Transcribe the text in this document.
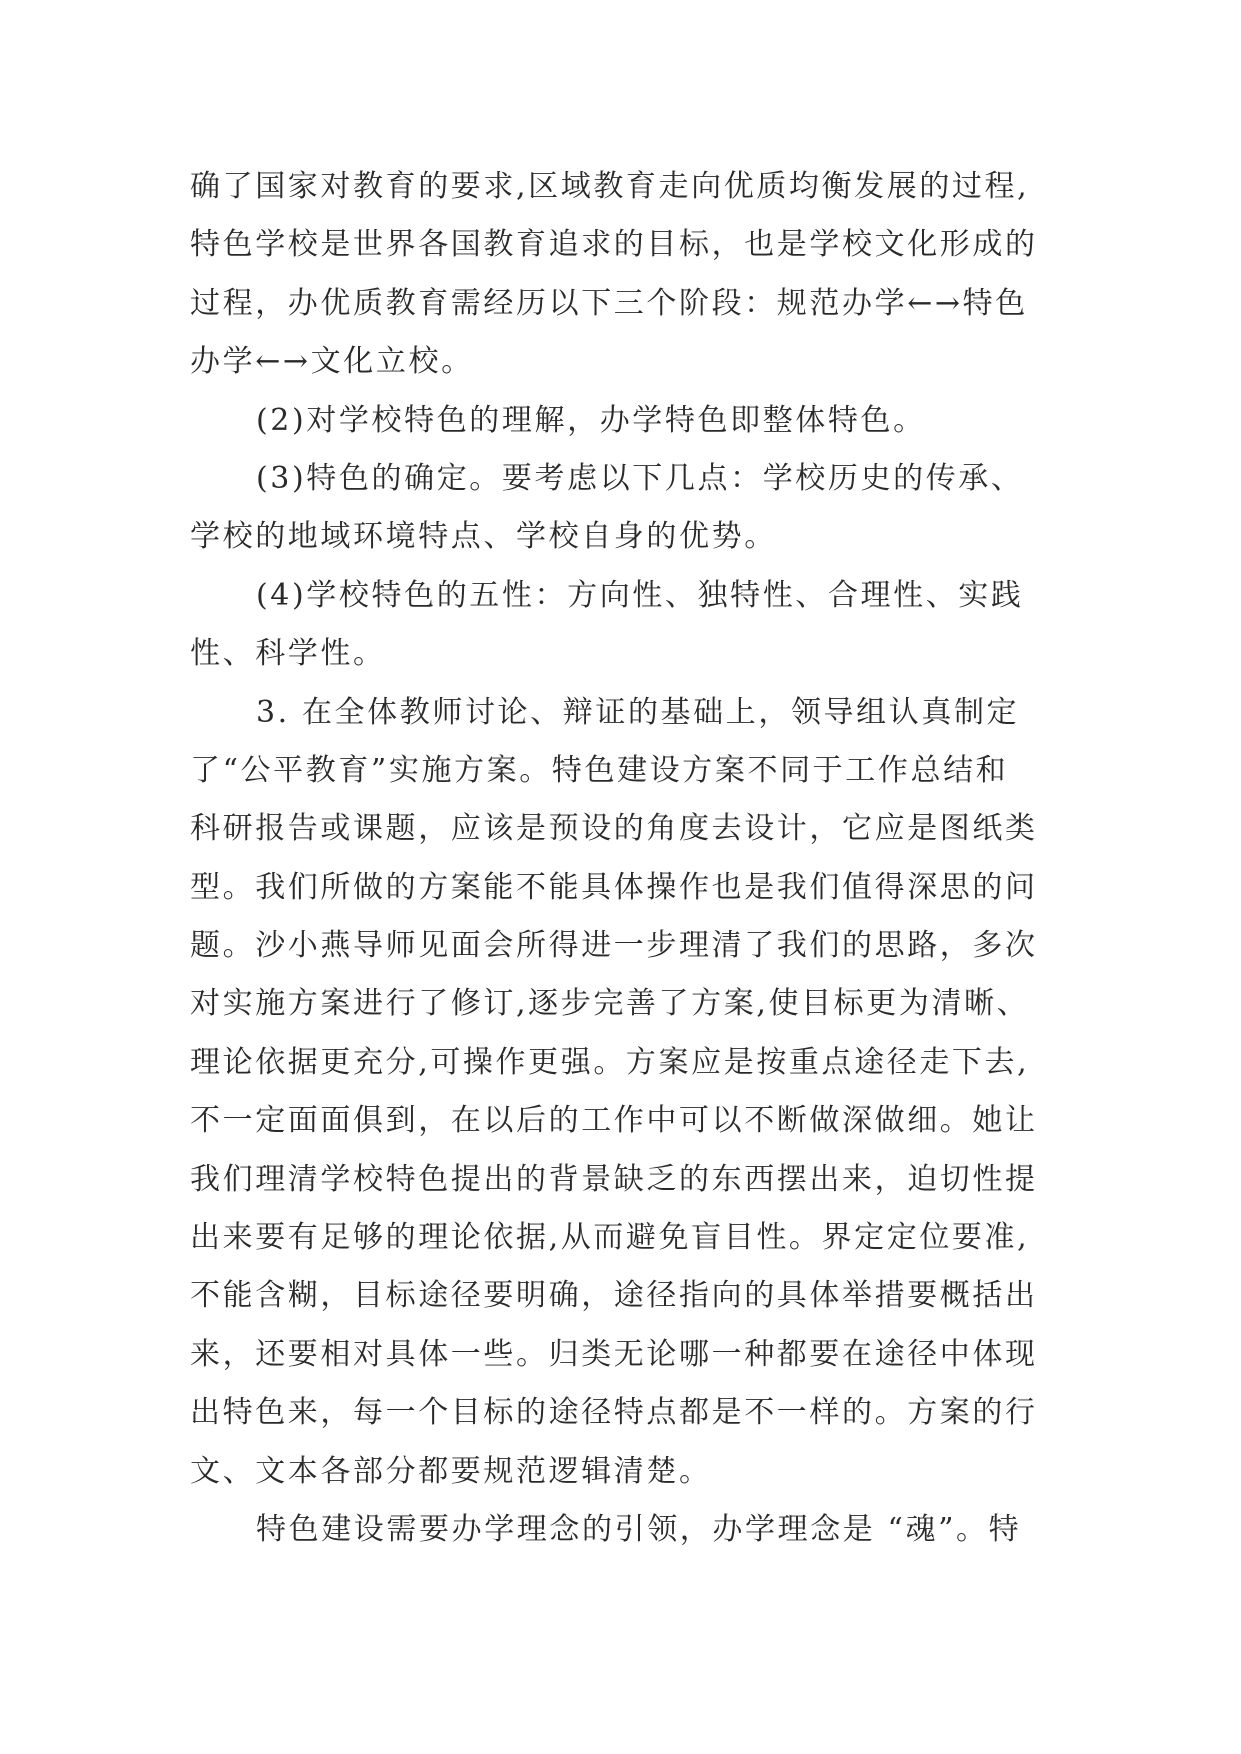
确了国家对教育的要求,区域教育走向优质均衡发展的过程,
特色学校是世界各国教育追求的目标，也是学校文化形成的
过程，办优质教育需经历以下三个阶段：规范办学←→特色
办学←→文化立校。
(2)对学校特色的理解，办学特色即整体特色。
(3)特色的确定。要考虑以下几点：学校历史的传承、
学校的地域环境特点、学校自身的优势。
(4)学校特色的五性：方向性、独特性、合理性、实践
性、科学性。
3. 在全体教师讨论、辩证的基础上，领导组认真制定
了“公平教育”实施方案。特色建设方案不同于工作总结和
科研报告或课题，应该是预设的角度去设计，它应是图纸类
型。我们所做的方案能不能具体操作也是我们值得深思的问
题。沙小燕导师见面会所得进一步理清了我们的思路，多次
对实施方案进行了修订,逐步完善了方案,使目标更为清晰、
理论依据更充分,可操作更强。方案应是按重点途径走下去,
不一定面面俱到，在以后的工作中可以不断做深做细。她让
我们理清学校特色提出的背景缺乏的东西摆出来，迫切性提
出来要有足够的理论依据,从而避免盲目性。界定定位要准,
不能含糊，目标途径要明确，途径指向的具体举措要概括出
来，还要相对具体一些。归类无论哪一种都要在途径中体现
出特色来，每一个目标的途径特点都是不一样的。方案的行
文、文本各部分都要规范逻辑清楚。
特色建设需要办学理念的引领，办学理念是 “魂”。特
